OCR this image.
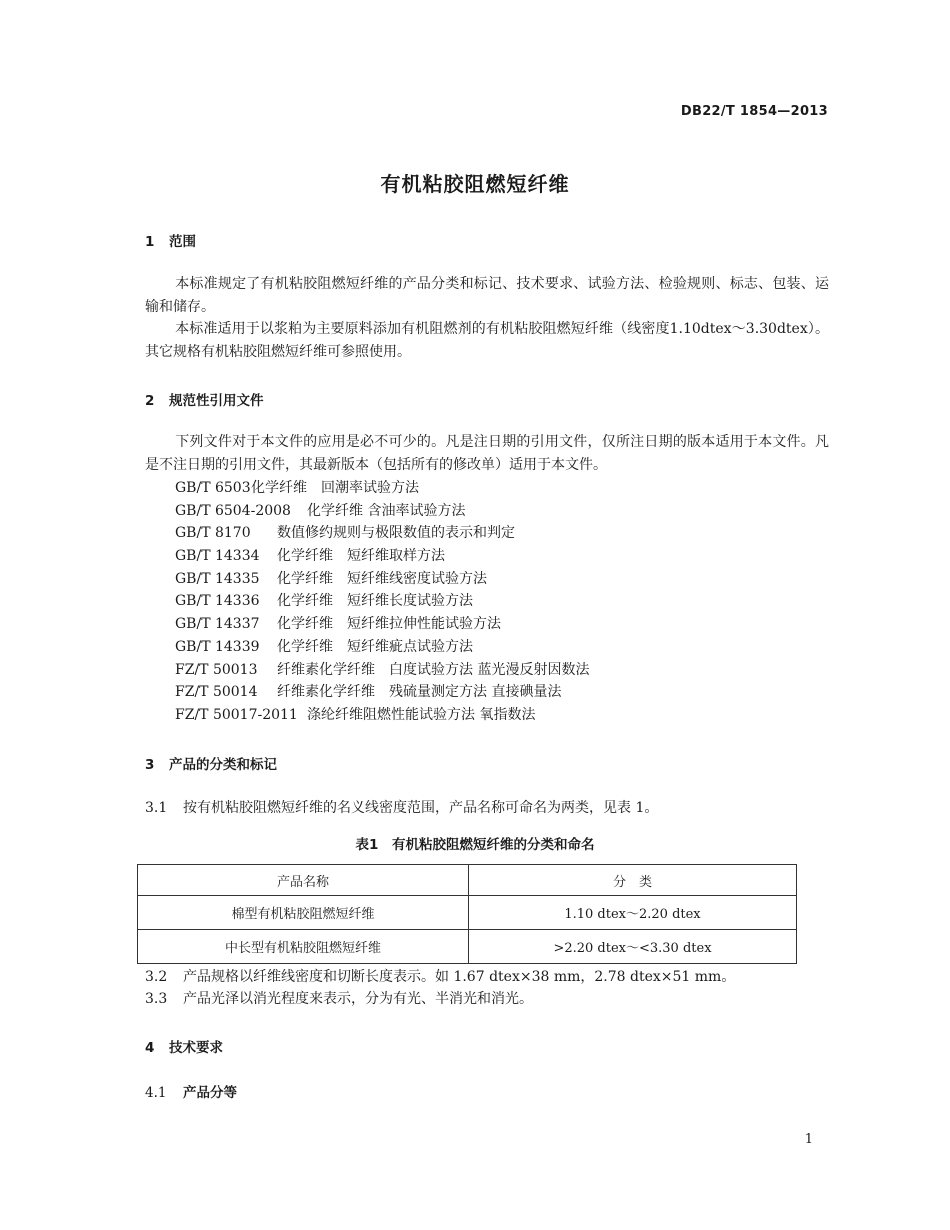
DB22/T 1854—2013
有机粘胶阻燃短纤维
1 范围
本标准规定了有机粘胶阻燃短纤维的产品分类和标记、技术要求、试验方法、检验规则、标志、包装、运输和储存。
本标准适用于以浆粕为主要原料添加有机阻燃剂的有机粘胶阻燃短纤维（线密度1.10dtex～3.30dtex）。其它规格有机粘胶阻燃短纤维可参照使用。
2 规范性引用文件
下列文件对于本文件的应用是必不可少的。凡是注日期的引用文件，仅所注日期的版本适用于本文件。凡是不注日期的引用文件，其最新版本（包括所有的修改单）适用于本文件。
GB/T 6503化学纤维　回潮率试验方法
GB/T 6504-2008 化学纤维 含油率试验方法
GB/T 8170 数值修约规则与极限数值的表示和判定
GB/T 14334 化学纤维　短纤维取样方法
GB/T 14335 化学纤维　短纤维线密度试验方法
GB/T 14336 化学纤维　短纤维长度试验方法
GB/T 14337 化学纤维　短纤维拉伸性能试验方法
GB/T 14339 化学纤维　短纤维疵点试验方法
FZ/T 50013 纤维素化学纤维　白度试验方法 蓝光漫反射因数法
FZ/T 50014 纤维素化学纤维　残硫量测定方法 直接碘量法
FZ/T 50017-2011 涤纶纤维阻燃性能试验方法 氧指数法
3 产品的分类和标记
3.1 按有机粘胶阻燃短纤维的名义线密度范围，产品名称可命名为两类，见表 1。
表1　有机粘胶阻燃短纤维的分类和命名
产品名称	分　类
棉型有机粘胶阻燃短纤维	1.10 dtex～2.20 dtex
中长型有机粘胶阻燃短纤维	>2.20 dtex～<3.30 dtex
3.2 产品规格以纤维线密度和切断长度表示。如 1.67 dtex×38 mm，2.78 dtex×51 mm。
3.3 产品光泽以消光程度来表示，分为有光、半消光和消光。
4 技术要求
4.1 产品分等
1
